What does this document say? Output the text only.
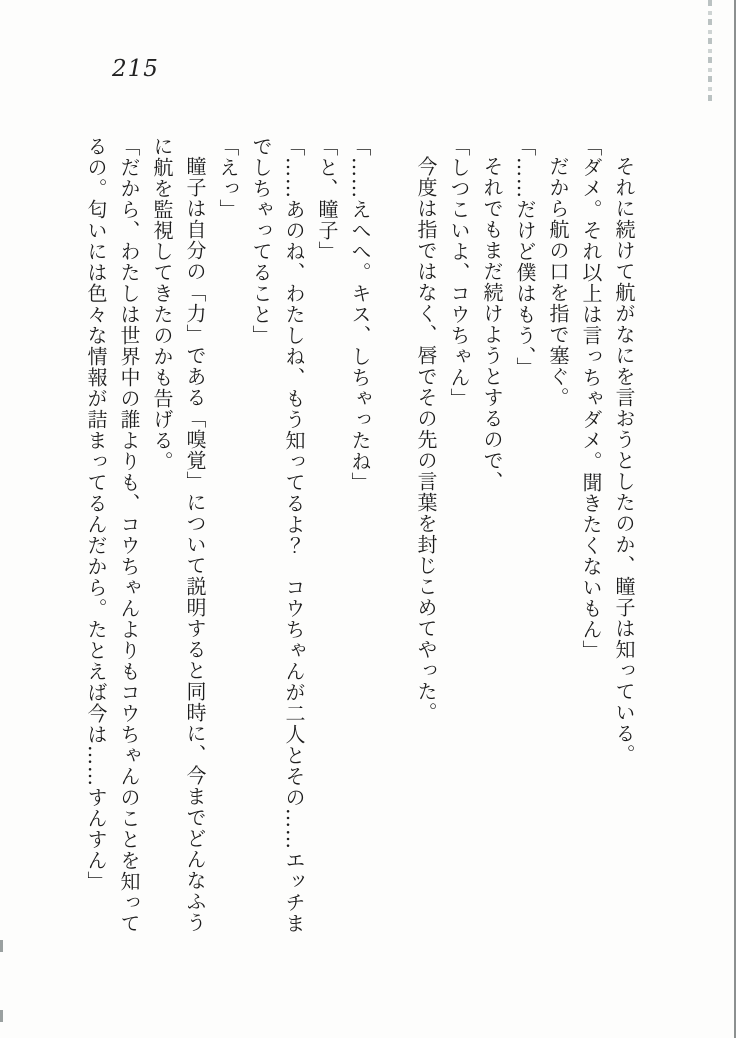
215

それに続けて航がなにを言おうとしたのか、瞳子は知っている。

「ダメ。それ以上は言っちゃダメ。聞きたくないもん」

だから航の口を指で塞ぐ。

「……だけど僕はもう、」

それでもまだ続けようとするので、

「しつこいよ、コウちゃん」

今度は指ではなく、唇でその先の言葉を封じこめてやった。

「……えへへ。キス、しちゃったね」

「と、瞳子」

「……あのね、わたしね、もう知ってるよ？　コウちゃんが二人とその……エッチまでしちゃってること」

「えっ」

瞳子は自分の「力」である「嗅覚」について説明すると同時に、今までどんなふうに航を監視してきたのかも告げる。

「だから、わたしは世界中の誰よりも、コウちゃんよりもコウちゃんのことを知ってるの。匂いには色々な情報が詰まってるんだから。たとえば今は……すんすん」
